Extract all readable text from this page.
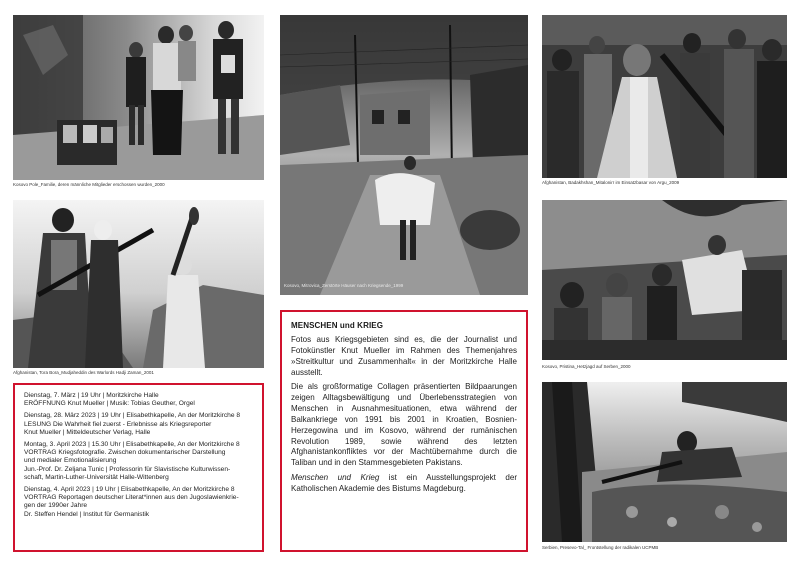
Kosovo Pole_Familie, deren männliche Mitglieder erschossen wurden_2000
Kosovo, Mitrovica_Zerstörte Häuser nach Kriegsende_1999
Afghanistan, Badakhshan_Mitalonirr im Einsatzbasar von Argu_2009
Afghanistan, Tora Bora_Mudjaheddin des Warlords Hadji Zaman_2001
Kosovo, Pristina_Hetzjagd auf Serben_2000
Serbien, Presevo-Tal_ Frontstellung der radikalen UCPMB

Dienstag, 7. März | 19 Uhr | Moritzkirche Halle

ERÖFFNUNG Knut Mueller | Musik: Tobias Geuther, Orgel

Dienstag, 28. März 2023 | 19 Uhr | Elisabethkapelle, An der Moritzkirche 8

LESUNG Die Wahrheit fiel zuerst - Erlebnisse als Kriegsreporter

Knut Mueller | Mitteldeutscher Verlag, Halle

Montag, 3. April 2023 | 15.30 Uhr | Elisabethkapelle, An der Moritzkirche 8

VORTRAG Kriegsfotografie. Zwischen dokumentarischer Darstellung

und medialer Emotionalisierung

Jun.-Prof. Dr. Zeljana Tunic | Professorin für Slavistische Kulturwissen-

schaft, Martin-Luther-Universität Halle-Wittenberg

Dienstag, 4. April 2023 | 19 Uhr | Elisabethkapelle, An der Moritzkirche 8

VORTRAG Reportagen deutscher Literat*innen aus den Jugoslawienkrie-

gen der 1990er Jahre

Dr. Steffen Hendel | Institut für Germanistik

MENSCHEN und KRIEG

Fotos aus Kriegsgebieten sind es, die der Journalist und Fotokünstler Knut Mueller im Rahmen des Themenjahres »Streitkultur und Zusammenhalt« in der Moritzkirche Halle ausstellt.

Die als großformatige Collagen präsentierten Bildpaarungen zeigen Alltagsbewältigung und Überlebensstrategien von Menschen in Ausnahmesituationen, etwa während der Balkankriege von 1991 bis 2001 in Kroatien, Bosnien-Herzegowina und im Kosovo, während der rumänischen Revolution 1989, sowie während des letzten Afghanistankonfliktes vor der Machtübernahme durch die Taliban und in den Stammesgebieten Pakistans.

Menschen und Krieg ist ein Ausstellungsprojekt der Katholischen Akademie des Bistums Magdeburg.
